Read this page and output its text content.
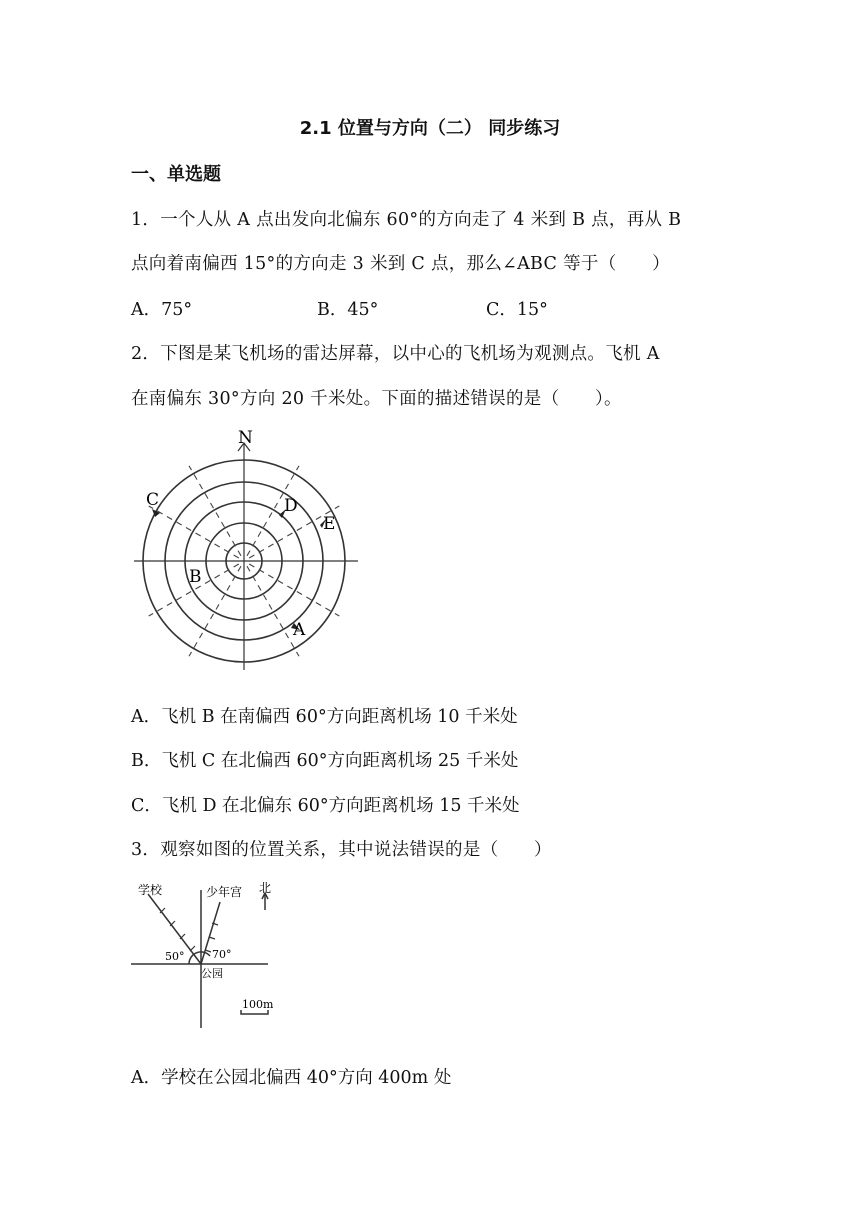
2.1 位置与方向（二） 同步练习
一、单选题
1．一个人从 A 点出发向北偏东 60°的方向走了 4 米到 B 点，再从 B
点向着南偏西 15°的方向走 3 米到 C 点，那么∠ABC 等于（　　）
A．75°	B．45°	C．15°
2．下图是某飞机场的雷达屏幕，以中心的飞机场为观测点。飞机 A
在南偏东 30°方向 20 千米处。下面的描述错误的是（　　）。
N
C	D
E
B
A
A．飞机 B 在南偏西 60°方向距离机场 10 千米处
B．飞机 C 在北偏西 60°方向距离机场 25 千米处
C．飞机 D 在北偏东 60°方向距离机场 15 千米处
3．观察如图的位置关系，其中说法错误的是（　　）
学校	少年宫 北
50°	70°
公园
100m
A．学校在公园北偏西 40°方向 400m 处
